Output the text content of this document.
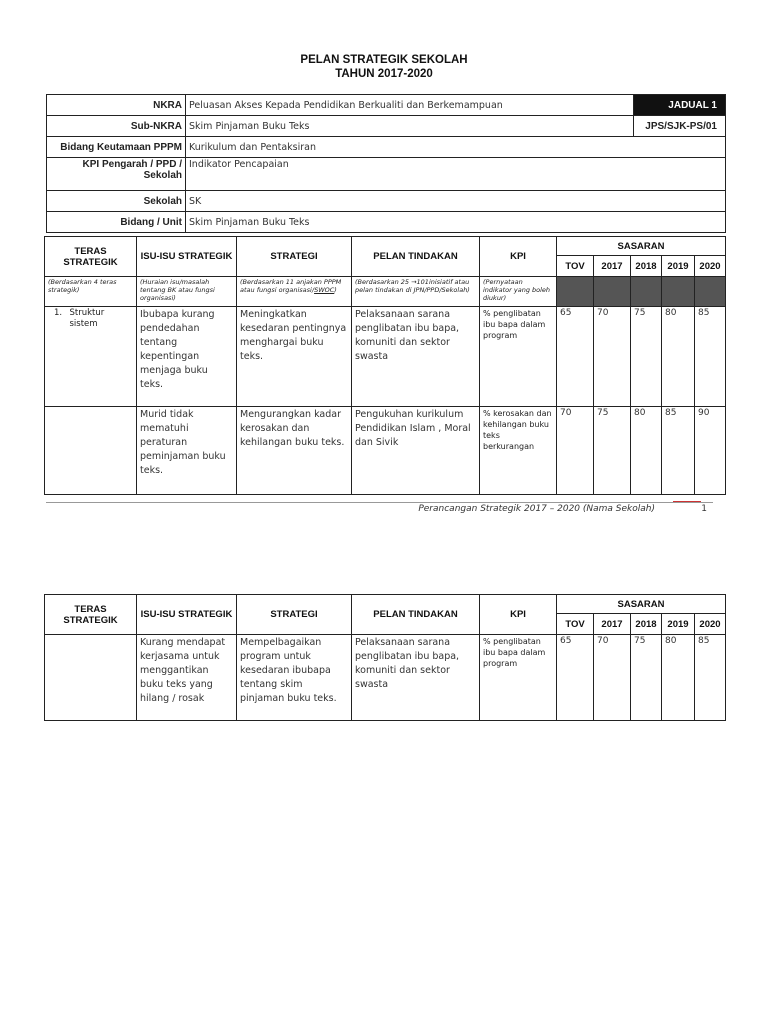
PELAN STRATEGIK SEKOLAH
TAHUN 2017-2020
NKRA	Peluasan Akses Kepada Pendidikan Berkualiti dan Berkemampuan	JADUAL 1
Sub-NKRA	Skim Pinjaman Buku Teks	JPS/SJK-PS/01
Bidang Keutamaan PPPM	Kurikulum dan Pentaksiran	
KPI Pengarah / PPD / Sekolah	Indikator Pencapaian	
Sekolah	SK	
Bidang / Unit	Skim Pinjaman Buku Teks	
TERAS STRATEGIK	ISU-ISU STRATEGIK	STRATEGI	PELAN TINDAKAN	KPI	SASARAN				
					TOV	2017	2018	2019	2020
(Berdasarkan 4 teras strategik)	(Huraian isu/masalah tentang BK atau fungsi organisasi)	(Berdasarkan 11 anjakan PPPM atau fungsi organisasi/SWOC)	(Berdasarkan 25 →101inisiatif atau pelan tindakan di JPN/PPD/Sekolah)	(Pernyataan indikator yang boleh diukur)					

1. Struktur sistem	Ibubapa kurang pendedahan tentang kepentingan menjaga buku teks.	Meningkatkan kesedaran pentingnya menghargai buku teks.	Pelaksanaan sarana penglibatan ibu bapa, komuniti dan sektor swasta	% penglibatan ibu bapa dalam program	65	70	75	80	85
	Murid tidak mematuhi peraturan peminjaman buku teks.	Mengurangkan kadar kerosakan dan kehilangan buku teks.	Pengukuhan kurikulum Pendidikan Islam , Moral dan Sivik	% kerosakan dan kehilangan buku teks berkurangan	70	75	80	85	90
Perancangan Strategik 2017 – 2020 (Nama Sekolah)	1
TERAS STRATEGIK	ISU-ISU STRATEGIK	STRATEGI	PELAN TINDAKAN	KPI	SASARAN				
					TOV	2017	2018	2019	2020
	Kurang mendapat kerjasama untuk menggantikan buku teks yang hilang / rosak	Mempelbagaikan program untuk kesedaran ibubapa tentang skim pinjaman buku teks.	Pelaksanaan sarana penglibatan ibu bapa, komuniti dan sektor swasta	% penglibatan ibu bapa dalam program	65	70	75	80	85
